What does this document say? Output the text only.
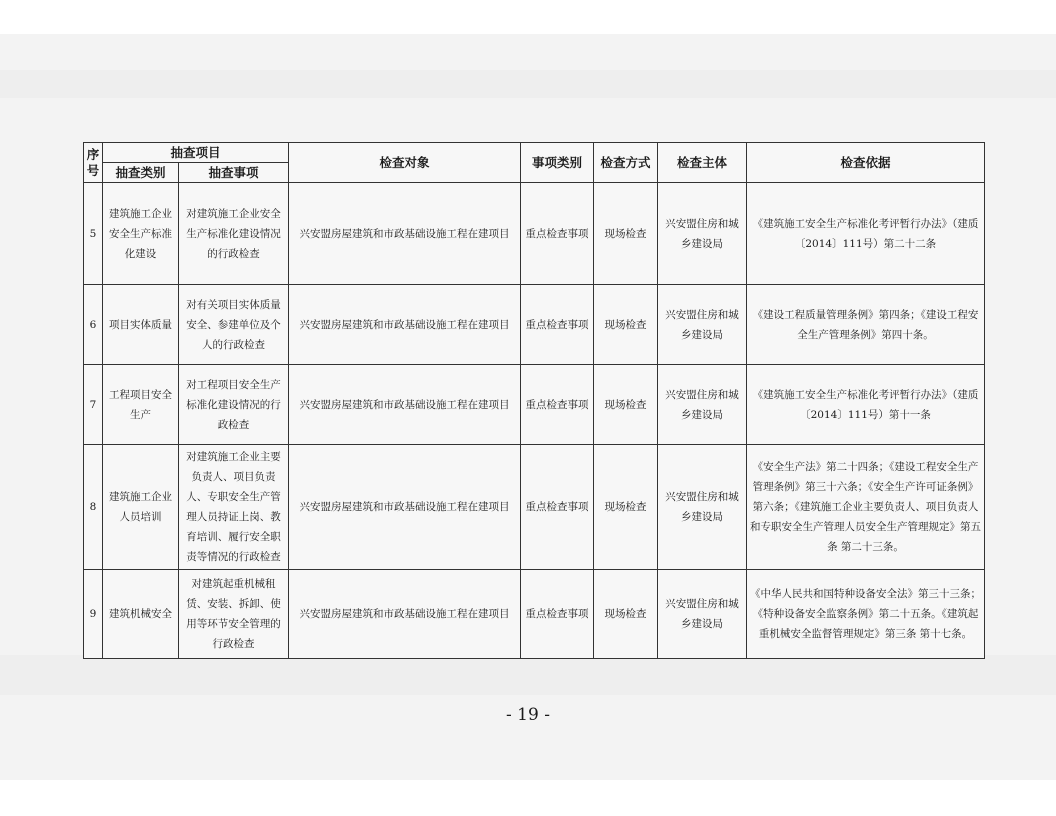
序号	抽查项目		检查对象	事项类别	检查方式	检查主体	检查依据
	抽查类别	抽查事项					
5	建筑施工企业安全生产标准化建设	对建筑施工企业安全生产标准化建设情况的行政检查	兴安盟房屋建筑和市政基础设施工程在建项目	重点检查事项	现场检查	兴安盟住房和城乡建设局	《建筑施工安全生产标准化考评暂行办法》（建质〔2014〕111号）第二十二条
6	项目实体质量	对有关项目实体质量安全、参建单位及个人的行政检查	兴安盟房屋建筑和市政基础设施工程在建项目	重点检查事项	现场检查	兴安盟住房和城乡建设局	《建设工程质量管理条例》第四条；《建设工程安全生产管理条例》第四十条。
7	工程项目安全生产	对工程项目安全生产标准化建设情况的行政检查	兴安盟房屋建筑和市政基础设施工程在建项目	重点检查事项	现场检查	兴安盟住房和城乡建设局	《建筑施工安全生产标准化考评暂行办法》（建质〔2014〕111号）第十一条
8	建筑施工企业人员培训	对建筑施工企业主要负责人、项目负责人、专职安全生产管理人员持证上岗、教育培训、履行安全职责等情况的行政检查	兴安盟房屋建筑和市政基础设施工程在建项目	重点检查事项	现场检查	兴安盟住房和城乡建设局	《安全生产法》第二十四条；《建设工程安全生产管理条例》第三十六条；《安全生产许可证条例》第六条；《建筑施工企业主要负责人、项目负责人和专职安全生产管理人员安全生产管理规定》第五条 第二十三条。
9	建筑机械安全	对建筑起重机械租赁、安装、拆卸、使用等环节安全管理的行政检查	兴安盟房屋建筑和市政基础设施工程在建项目	重点检查事项	现场检查	兴安盟住房和城乡建设局	《中华人民共和国特种设备安全法》第三十三条；《特种设备安全监察条例》第二十五条。《建筑起重机械安全监督管理规定》第三条 第十七条。
- 19 -
